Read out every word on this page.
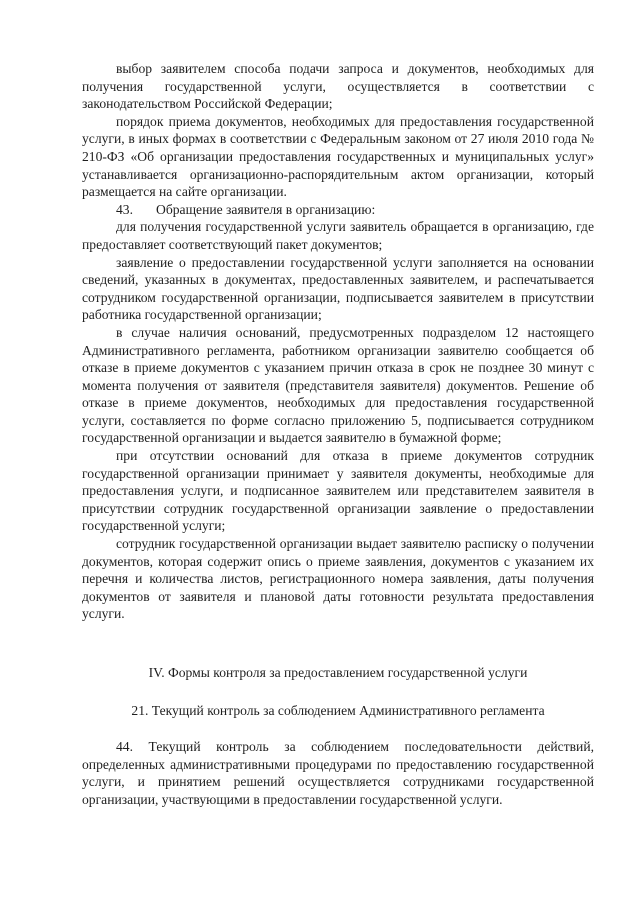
выбор заявителем способа подачи запроса и документов, необходимых для получения государственной услуги, осуществляется в соответствии с законодательством Российской Федерации;

порядок приема документов, необходимых для предоставления государственной услуги, в иных формах в соответствии с Федеральным законом от 27 июля 2010 года № 210-ФЗ «Об организации предоставления государственных и муниципальных услуг» устанавливается организационно-распорядительным актом организации, который размещается на сайте организации.

43. Обращение заявителя в организацию:

для получения государственной услуги заявитель обращается в организацию, где предоставляет соответствующий пакет документов;

заявление о предоставлении государственной услуги заполняется на основании сведений, указанных в документах, предоставленных заявителем, и распечатывается сотрудником государственной организации, подписывается заявителем в присутствии работника государственной организации;

в случае наличия оснований, предусмотренных подразделом 12 настоящего Административного регламента, работником организации заявителю сообщается об отказе в приеме документов с указанием причин отказа в срок не позднее 30 минут с момента получения от заявителя (представителя заявителя) документов. Решение об отказе в приеме документов, необходимых для предоставления государственной услуги, составляется по форме согласно приложению 5, подписывается сотрудником государственной организации и выдается заявителю в бумажной форме;

при отсутствии оснований для отказа в приеме документов сотрудник государственной организации принимает у заявителя документы, необходимые для предоставления услуги, и подписанное заявителем или представителем заявителя в присутствии сотрудник государственной организации заявление о предоставлении государственной услуги;

сотрудник государственной организации выдает заявителю расписку о получении документов, которая содержит опись о приеме заявления, документов с указанием их перечня и количества листов, регистрационного номера заявления, даты получения документов от заявителя и плановой даты готовности результата предоставления услуги.

IV. Формы контроля за предоставлением государственной услуги
21. Текущий контроль за соблюдением Административного регламента

44. Текущий контроль за соблюдением последовательности действий, определенных административными процедурами по предоставлению государственной услуги, и принятием решений осуществляется сотрудниками государственной организации, участвующими в предоставлении государственной услуги.
